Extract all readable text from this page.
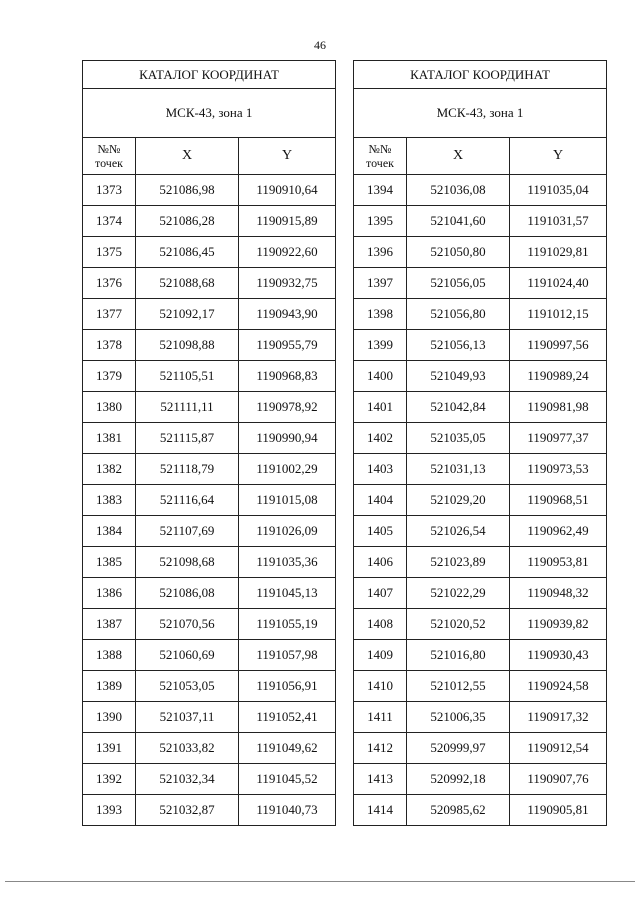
46
КАТАЛОГ КООРДИНАТ		
МСК-43, зона 1		
№№ точек	X	Y
1373	521086,98	1190910,64
1374	521086,28	1190915,89
1375	521086,45	1190922,60
1376	521088,68	1190932,75
1377	521092,17	1190943,90
1378	521098,88	1190955,79
1379	521105,51	1190968,83
1380	521111,11	1190978,92
1381	521115,87	1190990,94
1382	521118,79	1191002,29
1383	521116,64	1191015,08
1384	521107,69	1191026,09
1385	521098,68	1191035,36
1386	521086,08	1191045,13
1387	521070,56	1191055,19
1388	521060,69	1191057,98
1389	521053,05	1191056,91
1390	521037,11	1191052,41
1391	521033,82	1191049,62
1392	521032,34	1191045,52
1393	521032,87	1191040,73
КАТАЛОГ КООРДИНАТ		
МСК-43, зона 1		
№№ точек	X	Y
1394	521036,08	1191035,04
1395	521041,60	1191031,57
1396	521050,80	1191029,81
1397	521056,05	1191024,40
1398	521056,80	1191012,15
1399	521056,13	1190997,56
1400	521049,93	1190989,24
1401	521042,84	1190981,98
1402	521035,05	1190977,37
1403	521031,13	1190973,53
1404	521029,20	1190968,51
1405	521026,54	1190962,49
1406	521023,89	1190953,81
1407	521022,29	1190948,32
1408	521020,52	1190939,82
1409	521016,80	1190930,43
1410	521012,55	1190924,58
1411	521006,35	1190917,32
1412	520999,97	1190912,54
1413	520992,18	1190907,76
1414	520985,62	1190905,81
